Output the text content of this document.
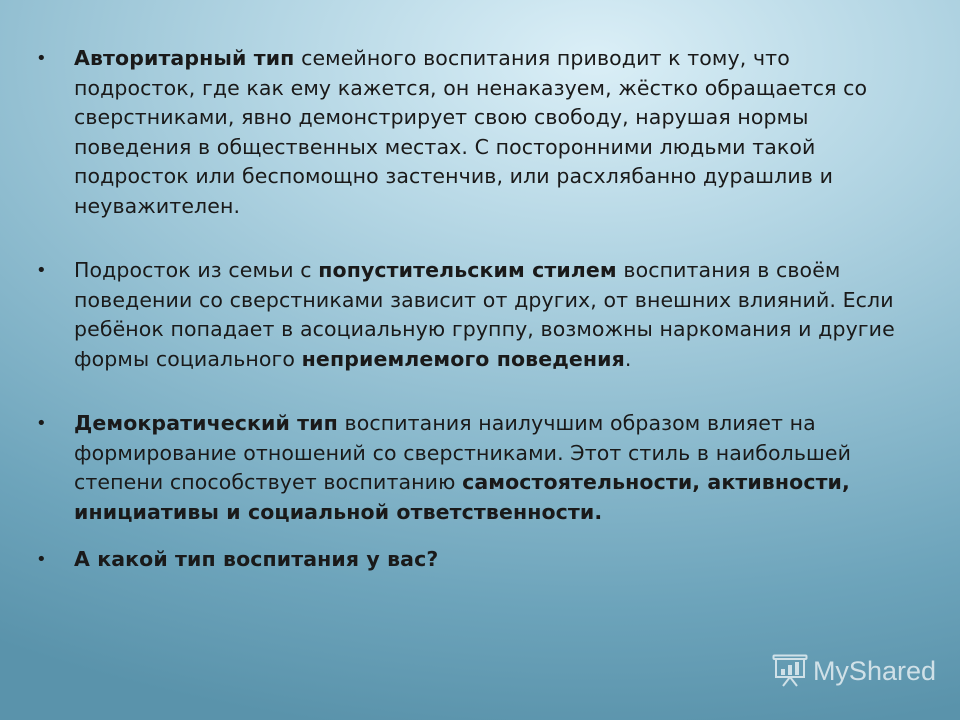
• Авторитарный тип семейного воспитания приводит к тому, что подросток, где как ему кажется, он ненаказуем, жёстко обращается со сверстниками, явно демонстрирует свою свободу, нарушая нормы поведения в общественных местах. С посторонними людьми такой подросток или беспомощно застенчив, или расхлябанно дурашлив и неуважителен.
• Подросток из семьи с попустительским стилем воспитания в своём поведении со сверстниками зависит от других, от внешних влияний. Если ребёнок попадает в асоциальную группу, возможны наркомания и другие формы социального неприемлемого поведения.
• Демократический тип воспитания наилучшим образом влияет на формирование отношений со сверстниками. Этот стиль в наибольшей степени способствует воспитанию самостоятельности, активности, инициативы и социальной ответственности.
• А какой тип воспитания у вас?
MyShared
